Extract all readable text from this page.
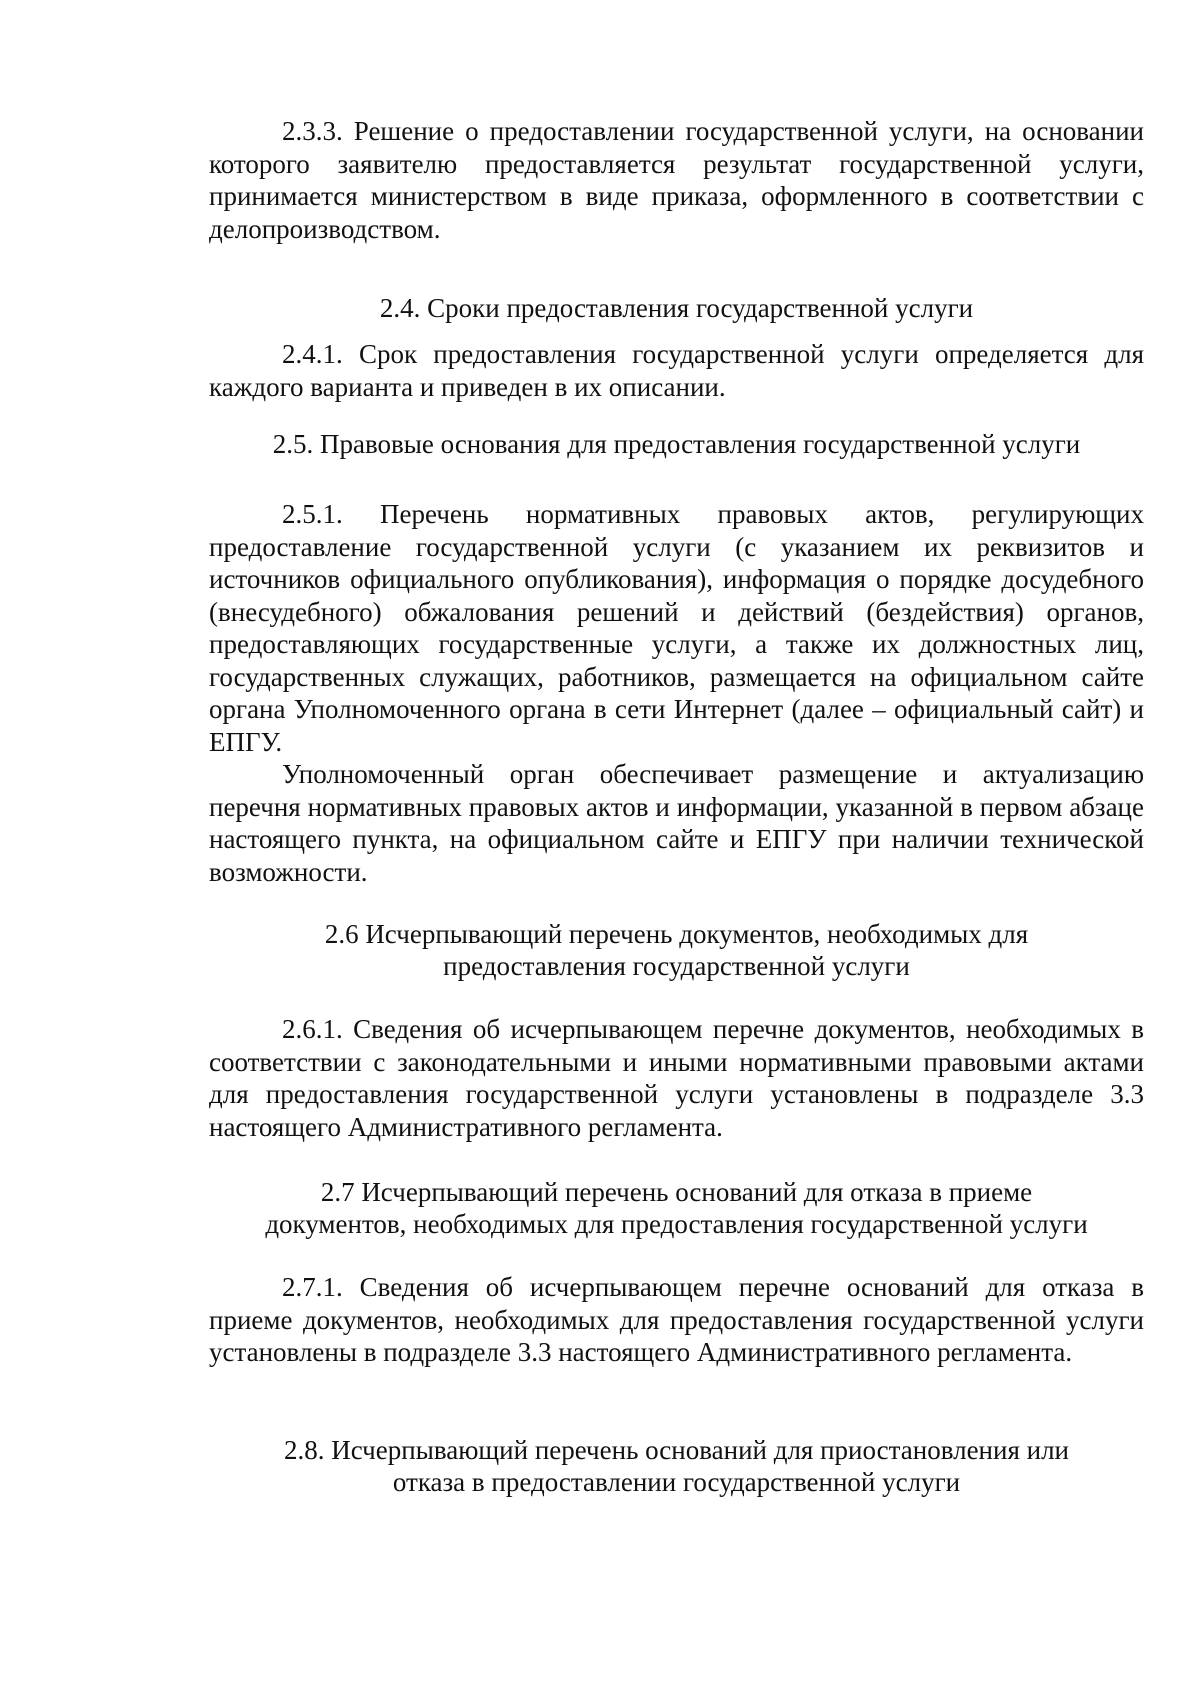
2.3.3. Решение о предоставлении государственной услуги, на основании которого заявителю предоставляется результат государственной услуги, принимается министерством в виде приказа, оформленного в соответствии с делопроизводством.

2.4. Сроки предоставления государственной услуги

2.4.1. Срок предоставления государственной услуги определяется для каждого варианта и приведен в их описании.

2.5. Правовые основания для предоставления государственной услуги

2.5.1. Перечень нормативных правовых актов, регулирующих предоставление государственной услуги (с указанием их реквизитов и источников официального опубликования), информация о порядке досудебного (внесудебного) обжалования решений и действий (бездействия) органов, предоставляющих государственные услуги, а также их должностных лиц, государственных служащих, работников, размещается на официальном сайте органа Уполномоченного органа в сети Интернет (далее – официальный сайт) и ЕПГУ.

Уполномоченный орган обеспечивает размещение и актуализацию перечня нормативных правовых актов и информации, указанной в первом абзаце настоящего пункта, на официальном сайте и ЕПГУ при наличии технической возможности.

2.6 Исчерпывающий перечень документов, необходимых для

предоставления государственной услуги

2.6.1. Сведения об исчерпывающем перечне документов, необходимых в соответствии с законодательными и иными нормативными правовыми актами для предоставления государственной услуги установлены в подразделе 3.3 настоящего Административного регламента.

2.7 Исчерпывающий перечень оснований для отказа в приеме

документов, необходимых для предоставления государственной услуги

2.7.1. Сведения об исчерпывающем перечне оснований для отказа в приеме документов, необходимых для предоставления государственной услуги установлены в подразделе 3.3 настоящего Административного регламента.

2.8. Исчерпывающий перечень оснований для приостановления или

отказа в предоставлении государственной услуги
